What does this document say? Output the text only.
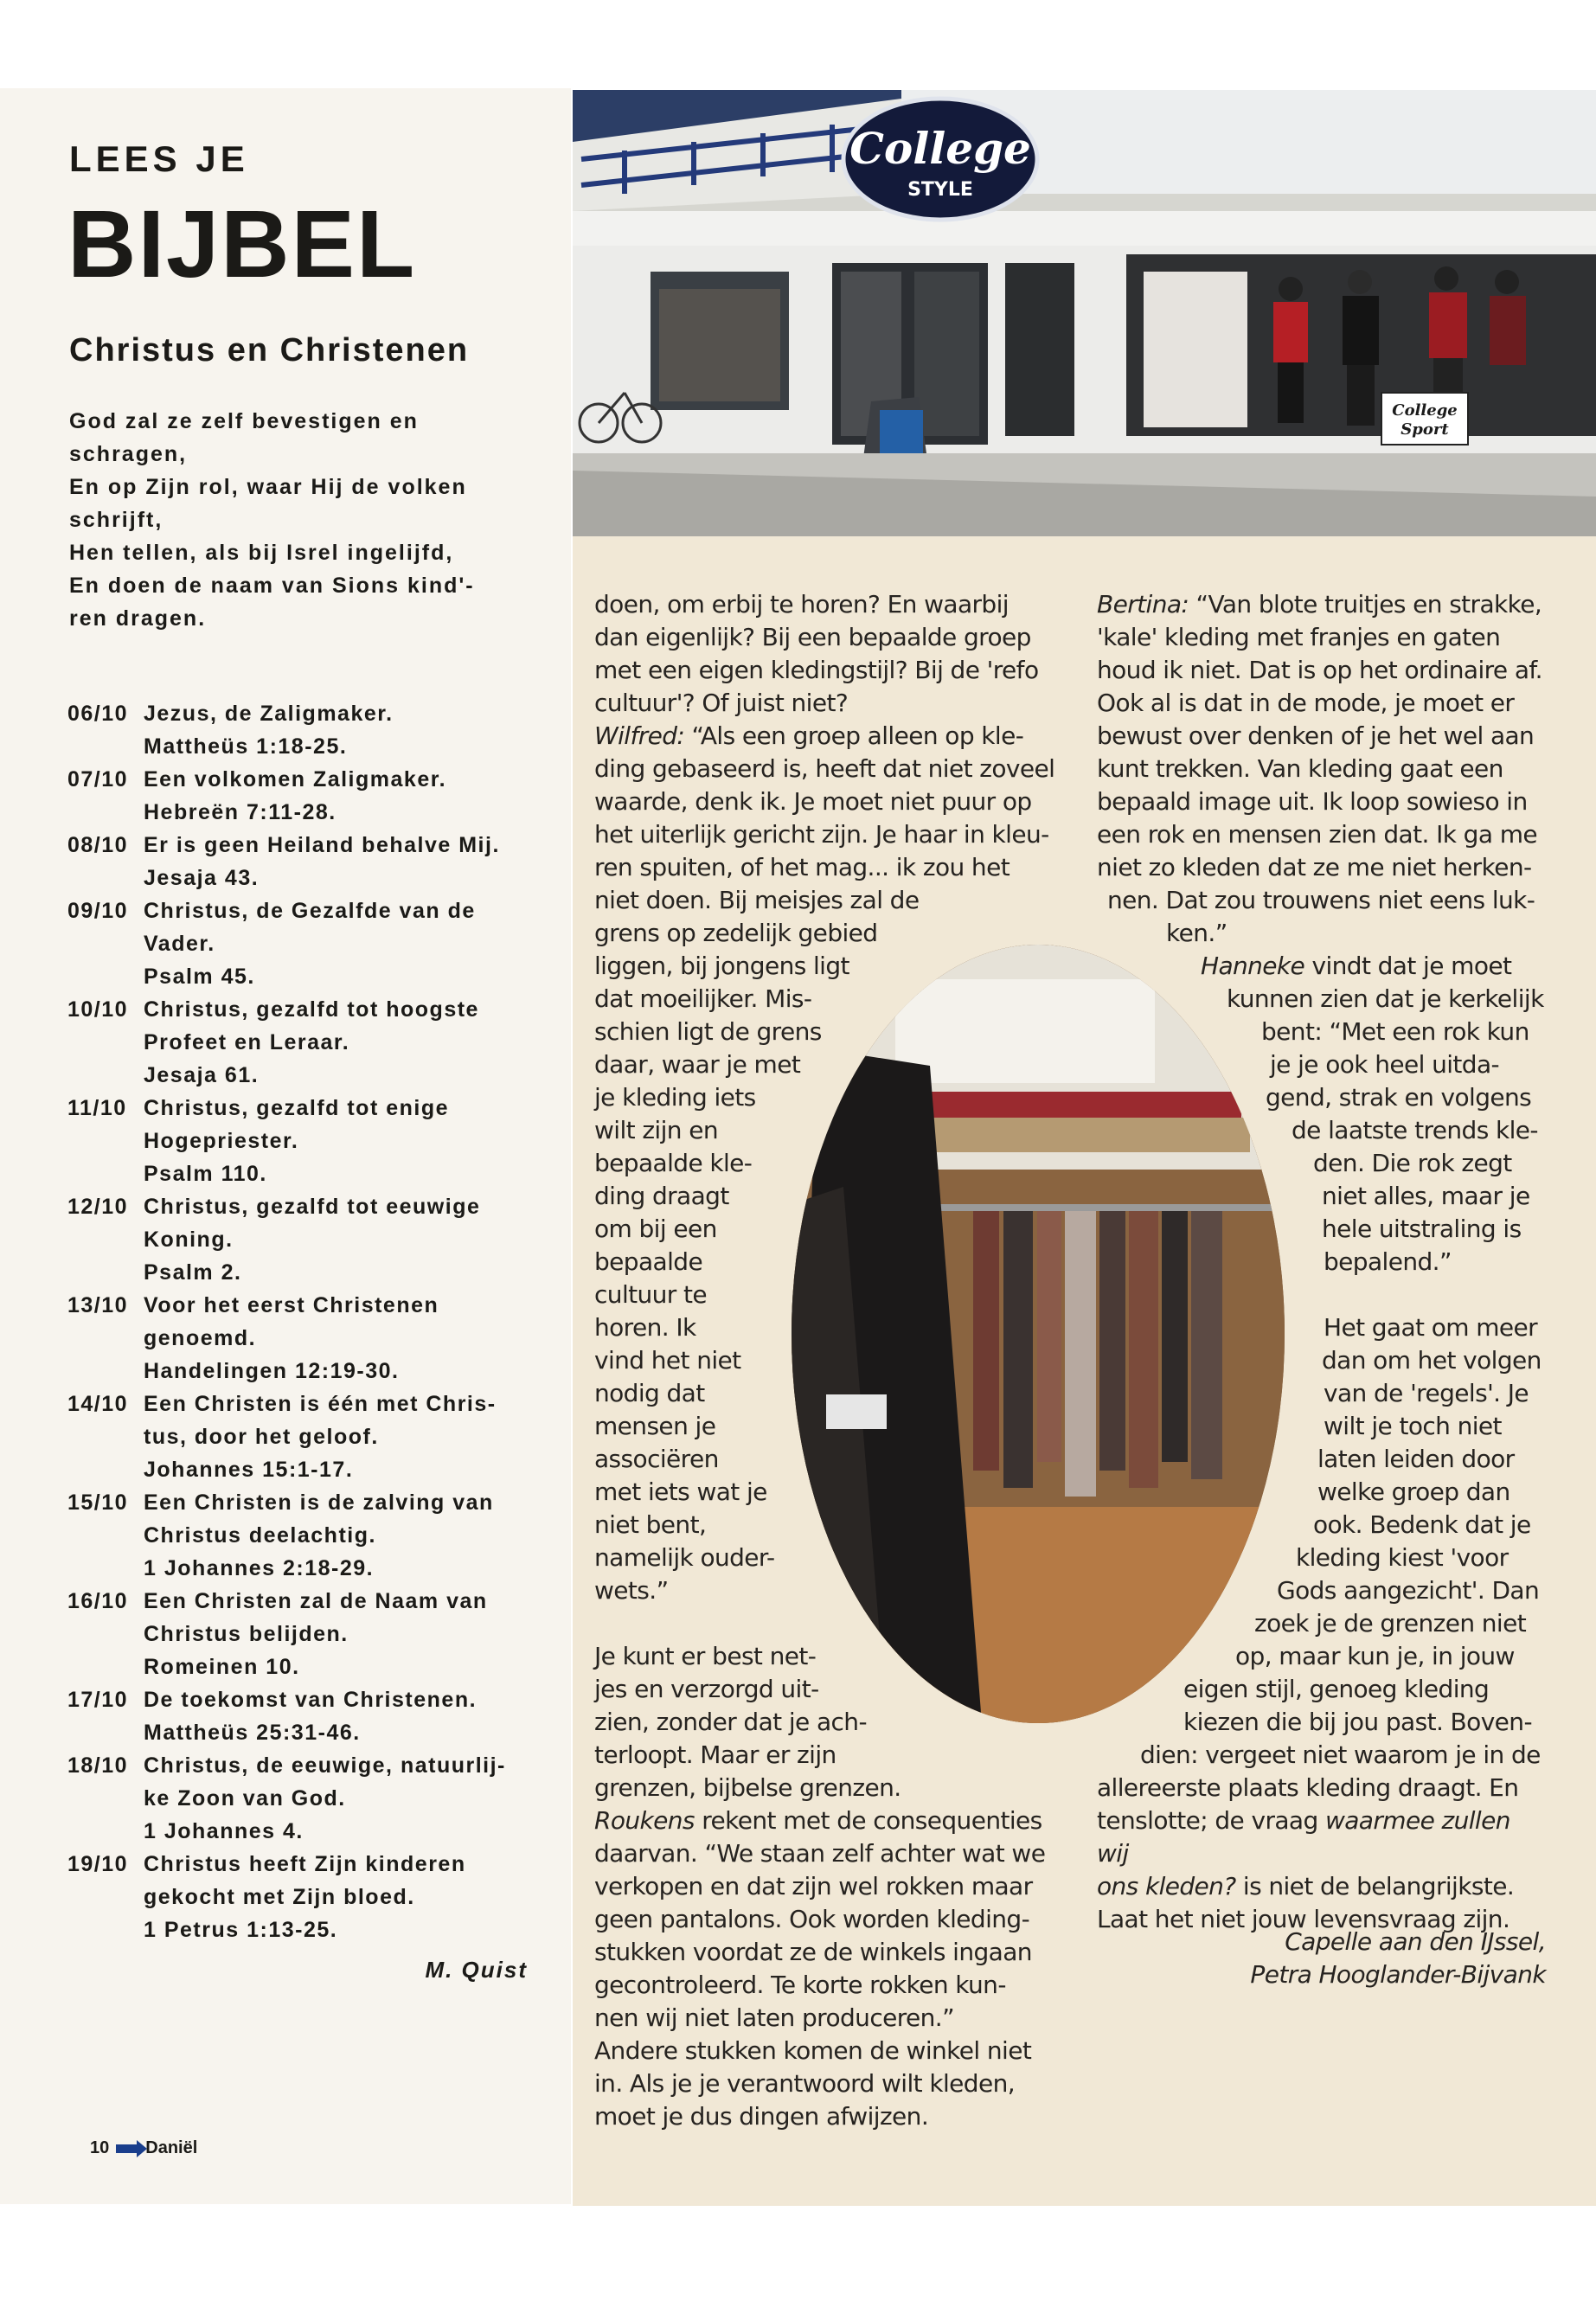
LEES JE
BIJBEL
Christus en Christenen
God zal ze zelf bevestigen en
schragen,
En op Zijn rol, waar Hij de volken
schrijft,
Hen tellen, als bij Isrel ingelijfd,
En doen de naam van Sions kind'-
ren dragen.
06/10 Jezus, de Zaligmaker.
Mattheüs 1:18-25.
07/10 Een volkomen Zaligmaker.
Hebreën 7:11-28.
08/10 Er is geen Heiland behalve Mij.
Jesaja 43.
09/10 Christus, de Gezalfde van de
Vader.
Psalm 45.
10/10 Christus, gezalfd tot hoogste
Profeet en Leraar.
Jesaja 61.
11/10 Christus, gezalfd tot enige
Hogepriester.
Psalm 110.
12/10 Christus, gezalfd tot eeuwige
Koning.
Psalm 2.
13/10 Voor het eerst Christenen
genoemd.
Handelingen 12:19-30.
14/10 Een Christen is één met Chris-
tus, door het geloof.
Johannes 15:1-17.
15/10 Een Christen is de zalving van
Christus deelachtig.
1 Johannes 2:18-29.
16/10 Een Christen zal de Naam van
Christus belijden.
Romeinen 10.
17/10 De toekomst van Christenen.
Mattheüs 25:31-46.
18/10 Christus, de eeuwige, natuurlij-
ke Zoon van God.
1 Johannes 4.
19/10 Christus heeft Zijn kinderen
gekocht met Zijn bloed.
1 Petrus 1:13-25.
M. Quist
10 Daniël
College
Sport
College
STYLE

doen, om erbij te horen? En waarbij

dan eigenlijk? Bij een bepaalde groep

met een eigen kledingstijl? Bij de 'refo

cultuur'? Of juist niet?

Wilfred: “Als een groep alleen op kle-

ding gebaseerd is, heeft dat niet zoveel

waarde, denk ik. Je moet niet puur op

het uiterlijk gericht zijn. Je haar in kleu-

ren spuiten, of het mag... ik zou het

niet doen. Bij meisjes zal de

grens op zedelijk gebied

liggen, bij jongens ligt

dat moeilijker. Mis-

schien ligt de grens

daar, waar je met

je kleding iets

wilt zijn en

bepaalde kle-

ding draagt

om bij een

bepaalde

cultuur te

horen. Ik

vind het niet

nodig dat

mensen je

associëren

met iets wat je

niet bent,

namelijk ouder-

wets.”

Je kunt er best net-

jes en verzorgd uit-

zien, zonder dat je ach-

terloopt. Maar er zijn

grenzen, bijbelse grenzen.

Roukens rekent met de consequenties

daarvan. “We staan zelf achter wat we

verkopen en dat zijn wel rokken maar

geen pantalons. Ook worden kleding-

stukken voordat ze de winkels ingaan

gecontroleerd. Te korte rokken kun-

nen wij niet laten produceren.”

Andere stukken komen de winkel niet

in. Als je je verantwoord wilt kleden,

moet je dus dingen afwijzen.

Bertina: “Van blote truitjes en strakke,

'kale' kleding met franjes en gaten

houd ik niet. Dat is op het ordinaire af.

Ook al is dat in de mode, je moet er

bewust over denken of je het wel aan

kunt trekken. Van kleding gaat een

bepaald image uit. Ik loop sowieso in

een rok en mensen zien dat. Ik ga me

niet zo kleden dat ze me niet herken-

nen. Dat zou trouwens niet eens luk-

ken.”

Hanneke vindt dat je moet

kunnen zien dat je kerkelijk

bent: “Met een rok kun

je je ook heel uitda-

gend, strak en volgens

de laatste trends kle-

den. Die rok zegt

niet alles, maar je

hele uitstraling is

bepalend.”

Het gaat om meer

dan om het volgen

van de 'regels'. Je

wilt je toch niet

laten leiden door

welke groep dan

ook. Bedenk dat je

kleding kiest 'voor

Gods aangezicht'. Dan

zoek je de grenzen niet

op, maar kun je, in jouw

eigen stijl, genoeg kleding

kiezen die bij jou past. Boven-

dien: vergeet niet waarom je in de

allereerste plaats kleding draagt. En

tenslotte; de vraag waarmee zullen wij

ons kleden? is niet de belangrijkste.

Laat het niet jouw levensvraag zijn.

Capelle aan den IJssel,
Petra Hooglander-Bijvank
